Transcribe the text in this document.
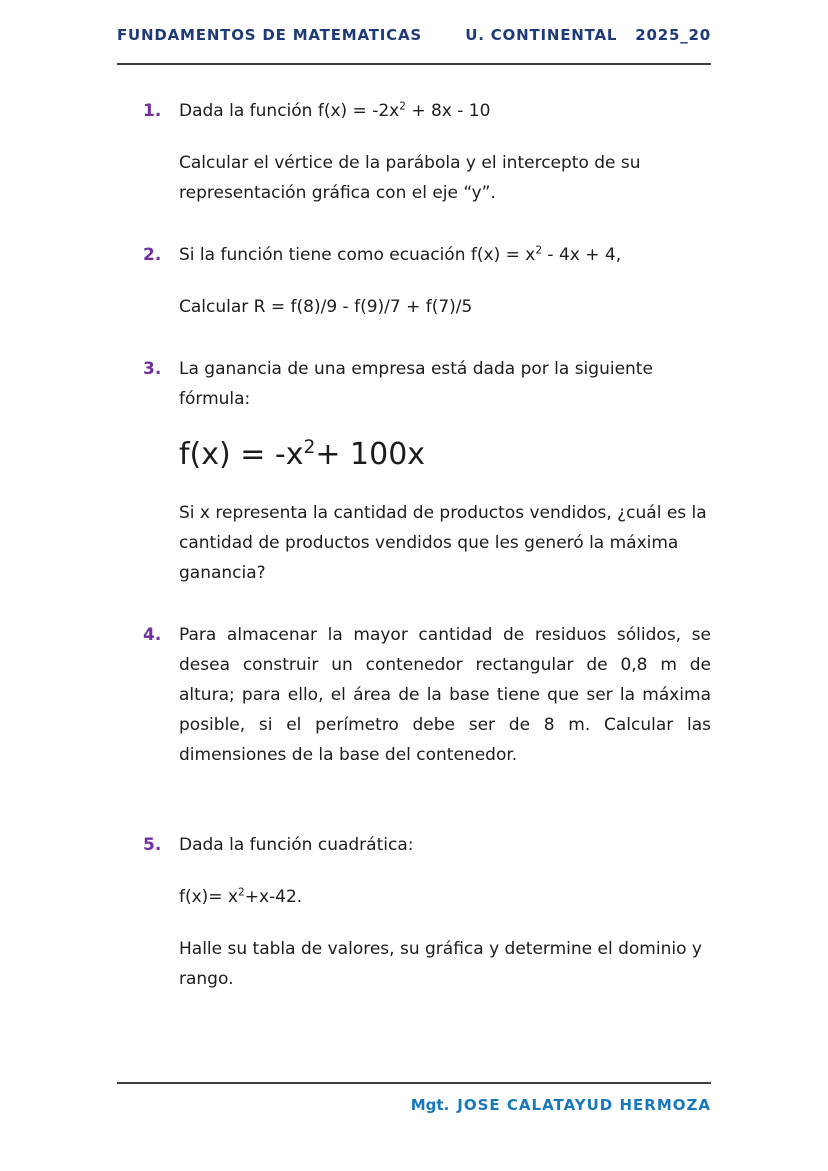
FUNDAMENTOS DE MATEMATICAS	U. CONTINENTAL 2025_20
1.	Dada la función $f(x) = -2x^2 + 8x - 10$
Calcular el vértice de la parábola y el intercepto de su representación gráfica con el eje “y”.
2.	Si la función tiene como ecuación $f(x) = x^2 - 4x + 4$,
Calcular R = f(8)/9 - f(9)/7 + f(7)/5
3.	La ganancia de una empresa está dada por la siguiente fórmula:
$f(x) = -x^2+ 100x$
Si x representa la cantidad de productos vendidos, ¿cuál es la cantidad de productos vendidos que les generó la máxima ganancia?
4.	Para almacenar la mayor cantidad de residuos sólidos, se desea construir un contenedor rectangular de 0,8 m de altura; para ello, el área de la base tiene que ser la máxima posible, si el perímetro debe ser de 8 m. Calcular las dimensiones de la base del contenedor.
5.	Dada la función cuadrática:
$f(x)= x^2+x-42$.
Halle su tabla de valores, su gráfica y determine el dominio y rango.
Mgt. JOSE CALATAYUD HERMOZA
